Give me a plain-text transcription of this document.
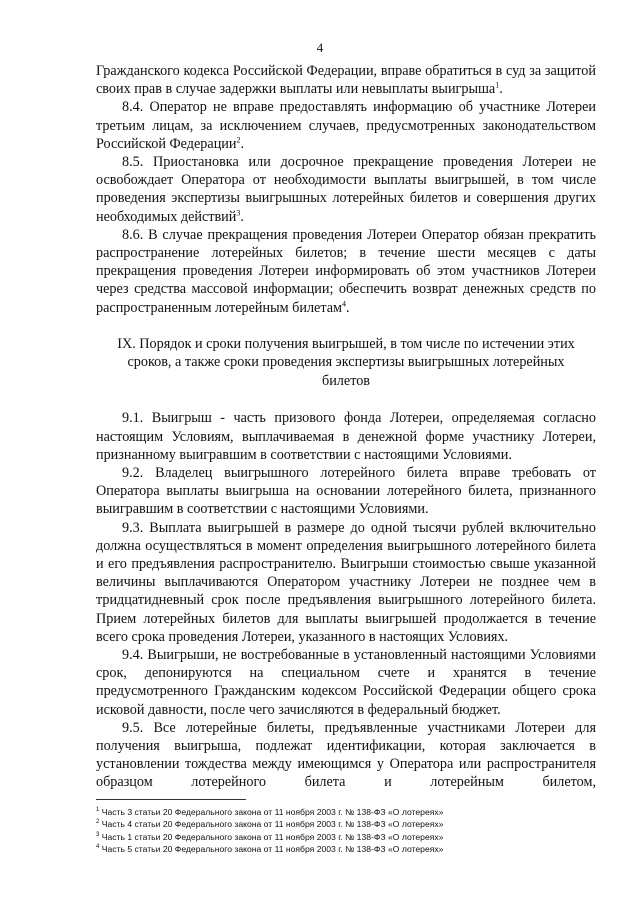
4

Гражданского кодекса Российской Федерации, вправе обратиться в суд за защитой своих прав в случае задержки выплаты или невыплаты выигрыша$^1$.

8.4. Оператор не вправе предоставлять информацию об участнике Лотереи третьим лицам, за исключением случаев, предусмотренных законодательством Российской Федерации$^2$.

8.5. Приостановка или досрочное прекращение проведения Лотереи не освобождает Оператора от необходимости выплаты выигрышей, в том числе проведения экспертизы выигрышных лотерейных билетов и совершения других необходимых действий$^3$.

8.6. В случае прекращения проведения Лотереи Оператор обязан прекратить распространение лотерейных билетов; в течение шести месяцев с даты прекращения проведения Лотереи информировать об этом участников Лотереи через средства массовой информации; обеспечить возврат денежных средств по распространенным лотерейным билетам$^4$.

IX. Порядок и сроки получения выигрышей, в том числе по истечении этих сроков, а также сроки проведения экспертизы выигрышных лотерейных билетов

9.1. Выигрыш - часть призового фонда Лотереи, определяемая согласно настоящим Условиям, выплачиваемая в денежной форме участнику Лотереи, признанному выигравшим в соответствии с настоящими Условиями.

9.2. Владелец выигрышного лотерейного билета вправе требовать от Оператора выплаты выигрыша на основании лотерейного билета, признанного выигравшим в соответствии с настоящими Условиями.

9.3. Выплата выигрышей в размере до одной тысячи рублей включительно должна осуществляться в момент определения выигрышного лотерейного билета и его предъявления распространителю. Выигрыши стоимостью свыше указанной величины выплачиваются Оператором участнику Лотереи не позднее чем в тридцатидневный срок после предъявления выигрышного лотерейного билета. Прием лотерейных билетов для выплаты выигрышей продолжается в течение всего срока проведения Лотереи, указанного в настоящих Условиях.

9.4. Выигрыши, не востребованные в установленный настоящими Условиями срок, депонируются на специальном счете и хранятся в течение предусмотренного Гражданским кодексом Российской Федерации общего срока исковой давности, после чего зачисляются в федеральный бюджет.

9.5. Все лотерейные билеты, предъявленные участниками Лотереи для получения выигрыша, подлежат идентификации, которая заключается в установлении тождества между имеющимся у Оператора или распространителя образцом лотерейного билета и лотерейным билетом,

$^1$ Часть 3 статьи 20 Федерального закона от 11 ноября 2003 г. № 138-ФЗ «О лотереях»
$^2$ Часть 4 статьи 20 Федерального закона от 11 ноября 2003 г. № 138-ФЗ «О лотереях»
$^3$ Часть 1 статьи 20 Федерального закона от 11 ноября 2003 г. № 138-ФЗ «О лотереях»
$^4$ Часть 5 статьи 20 Федерального закона от 11 ноября 2003 г. № 138-ФЗ «О лотереях»
